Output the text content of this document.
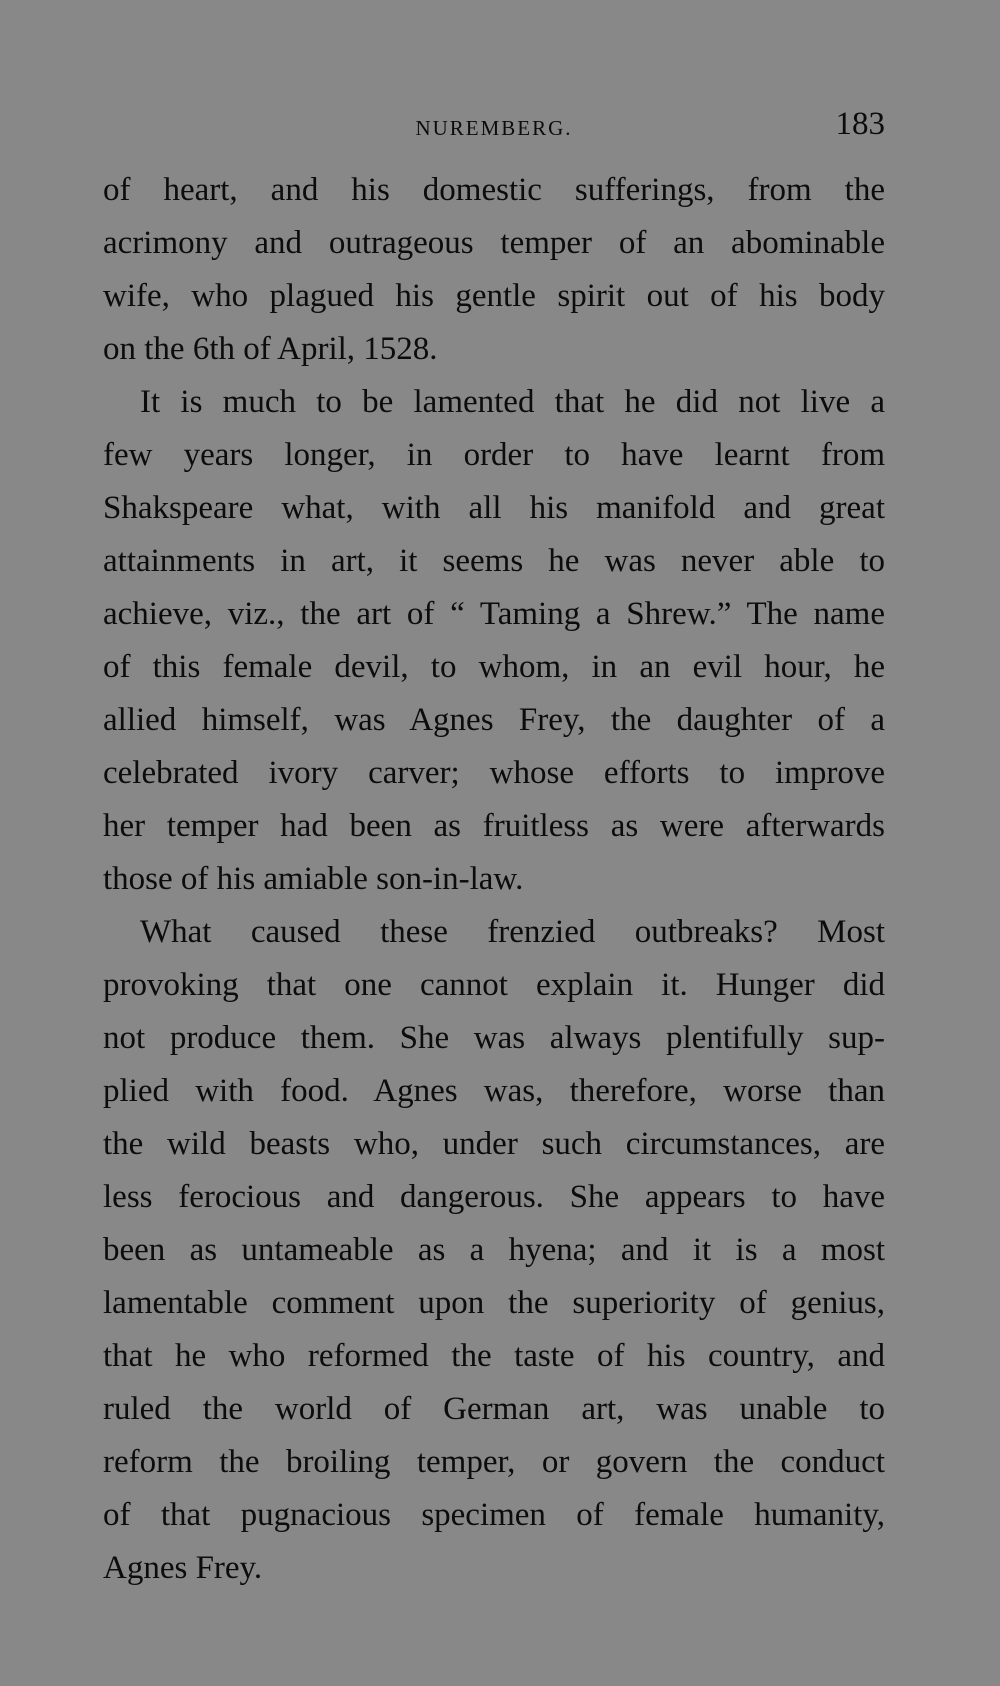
NUREMBERG.	183
of heart, and his domestic sufferings, from the
acrimony and outrageous temper of an abominable
wife, who plagued his gentle spirit out of his body
on the 6th of April, 1528.
It is much to be lamented that he did not live a
few years longer, in order to have learnt from
Shakspeare what, with all his manifold and great
attainments in art, it seems he was never able to
achieve, viz., the art of “ Taming a Shrew.” The name
of this female devil, to whom, in an evil hour, he
allied himself, was Agnes Frey, the daughter of a
celebrated ivory carver; whose efforts to improve
her temper had been as fruitless as were afterwards
those of his amiable son-in-law.
What caused these frenzied outbreaks? Most
provoking that one cannot explain it. Hunger did
not produce them. She was always plentifully sup-
plied with food. Agnes was, therefore, worse than
the wild beasts who, under such circumstances, are
less ferocious and dangerous. She appears to have
been as untameable as a hyena; and it is a most
lamentable comment upon the superiority of genius,
that he who reformed the taste of his country, and
ruled the world of German art, was unable to
reform the broiling temper, or govern the conduct
of that pugnacious specimen of female humanity,
Agnes Frey.
